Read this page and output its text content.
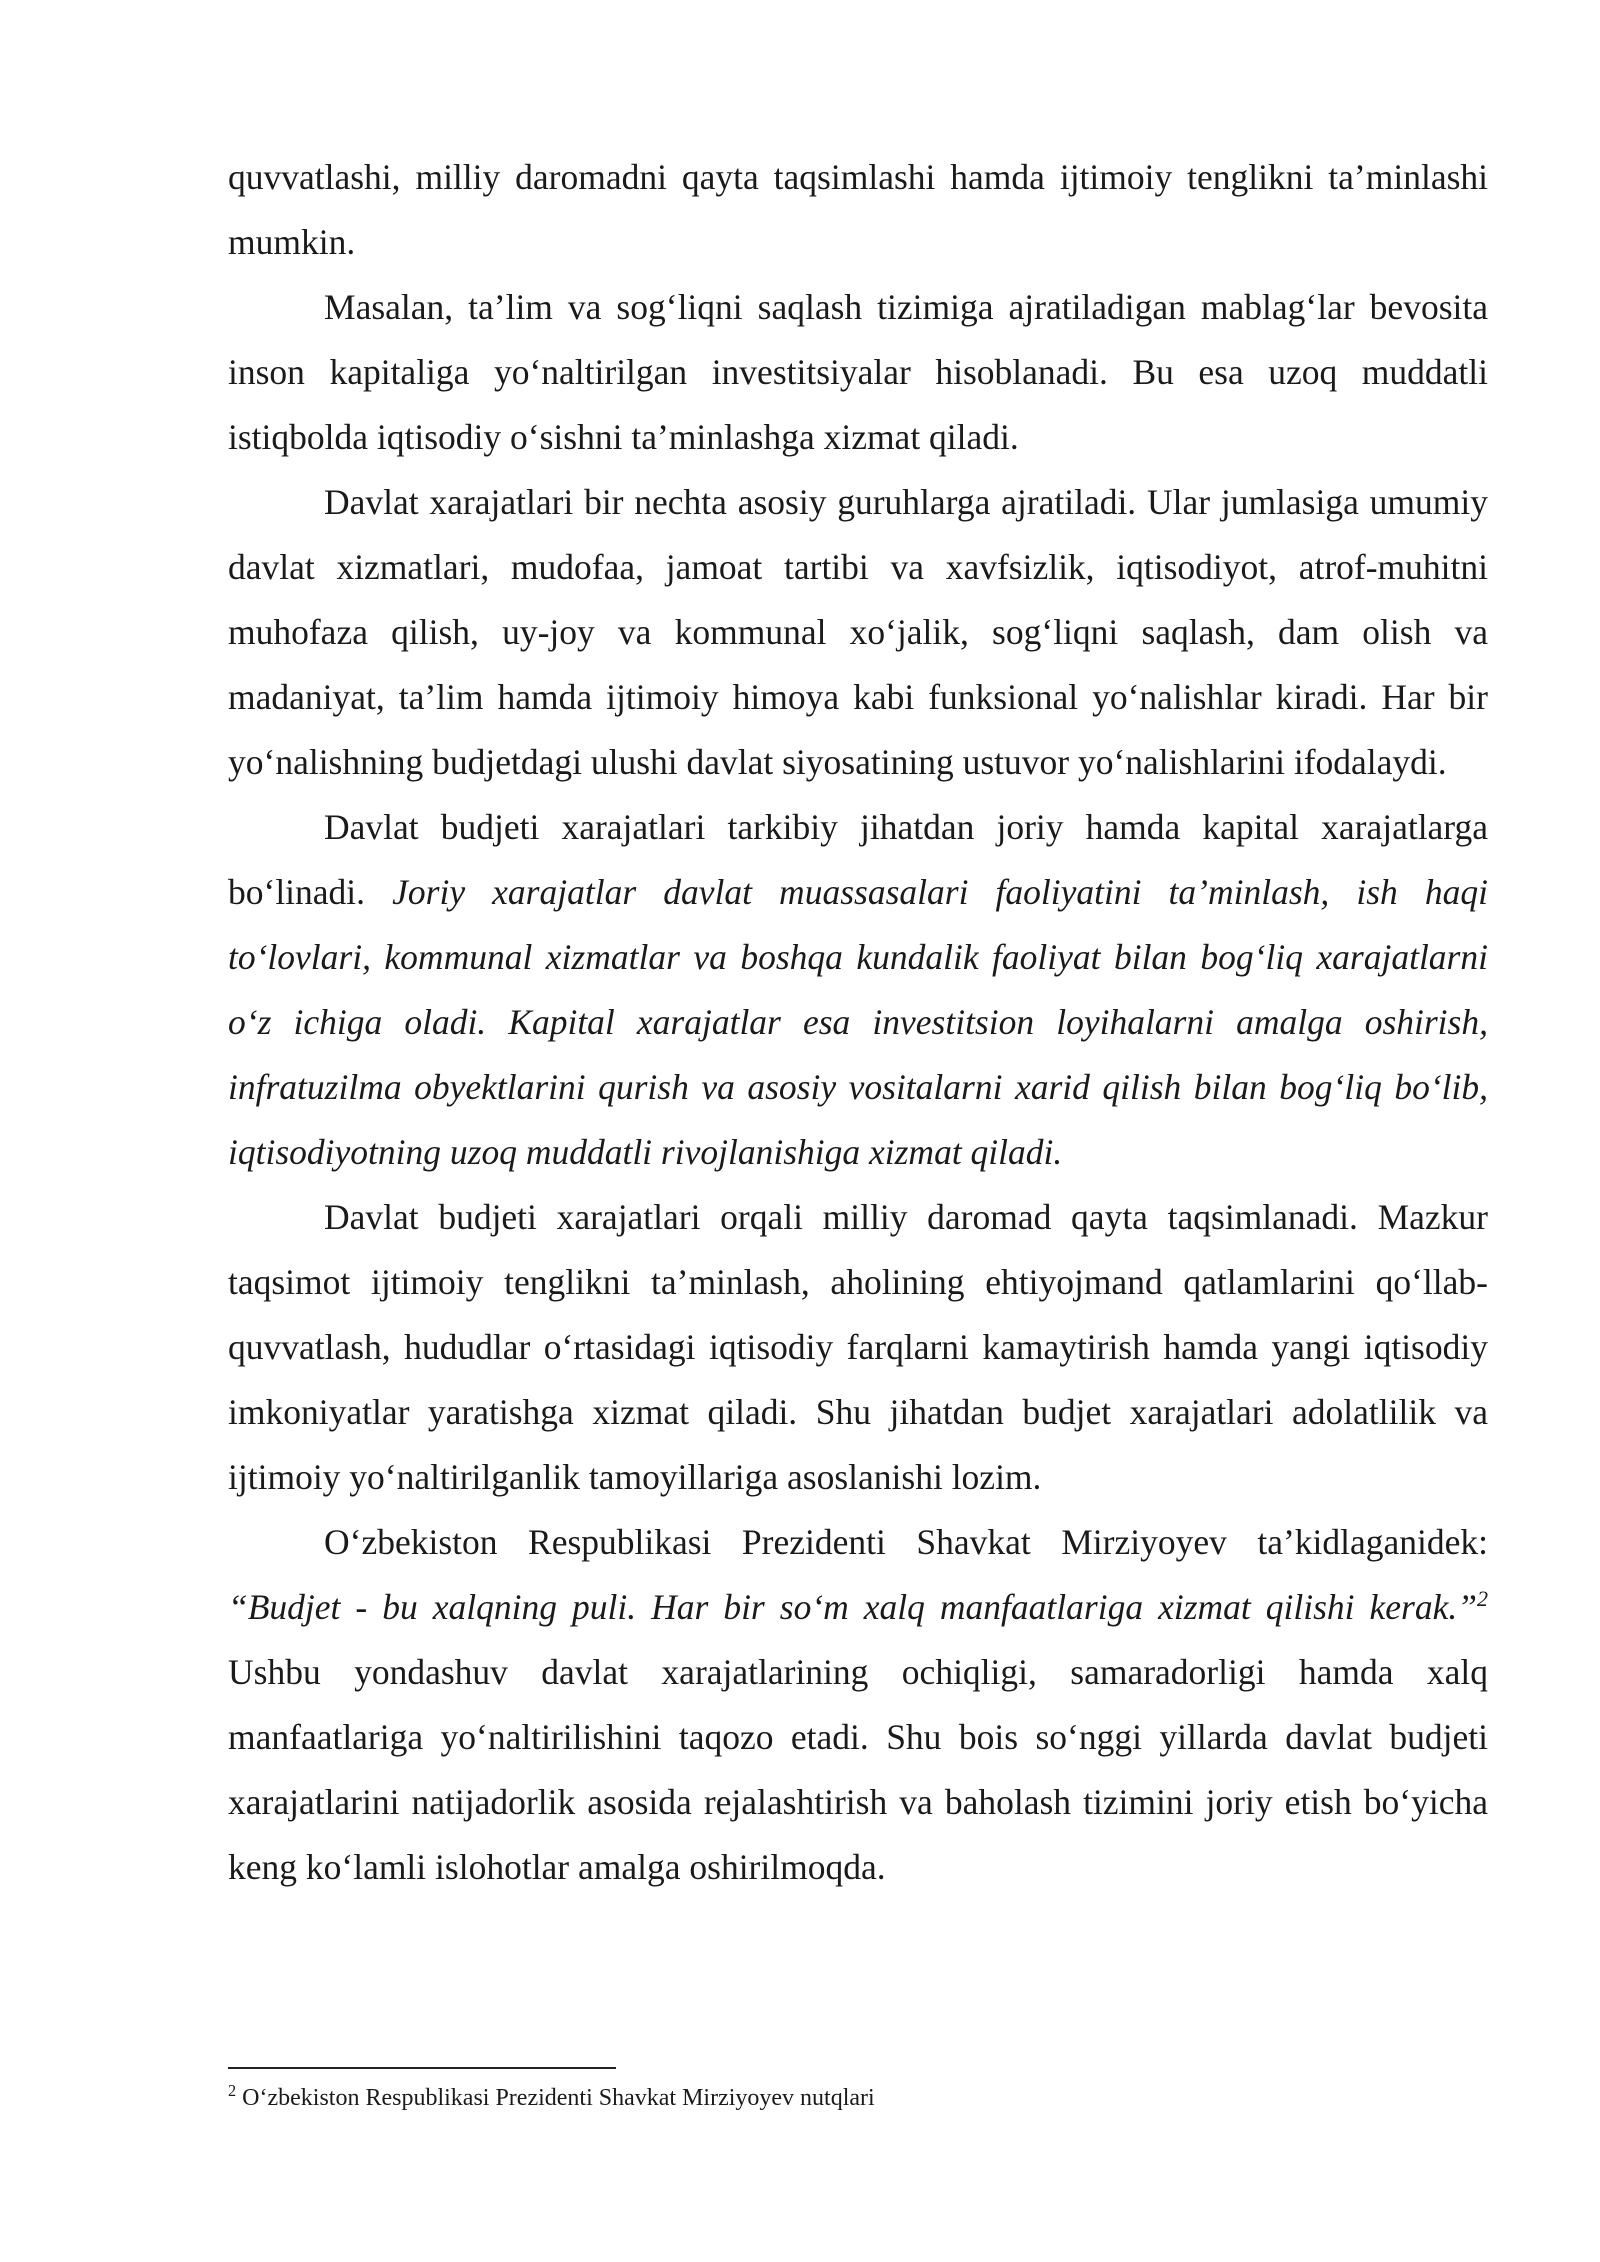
quvvatlashi, milliy daromadni qayta taqsimlashi hamda ijtimoiy tenglikni ta’minlashi mumkin.

Masalan, ta’lim va sog‘liqni saqlash tizimiga ajratiladigan mablag‘lar bevosita inson kapitaliga yo‘naltirilgan investitsiyalar hisoblanadi. Bu esa uzoq muddatli istiqbolda iqtisodiy o‘sishni ta’minlashga xizmat qiladi.

Davlat xarajatlari bir nechta asosiy guruhlarga ajratiladi. Ular jumlasiga umumiy davlat xizmatlari, mudofaa, jamoat tartibi va xavfsizlik, iqtisodiyot, atrof-muhitni muhofaza qilish, uy-joy va kommunal xo‘jalik, sog‘liqni saqlash, dam olish va madaniyat, ta’lim hamda ijtimoiy himoya kabi funksional yo‘nalishlar kiradi. Har bir yo‘nalishning budjetdagi ulushi davlat siyosatining ustuvor yo‘nalishlarini ifodalaydi.

Davlat budjeti xarajatlari tarkibiy jihatdan joriy hamda kapital xarajatlarga bo‘linadi. Joriy xarajatlar davlat muassasalari faoliyatini ta’minlash, ish haqi to‘lovlari, kommunal xizmatlar va boshqa kundalik faoliyat bilan bog‘liq xarajatlarni o‘z ichiga oladi. Kapital xarajatlar esa investitsion loyihalarni amalga oshirish, infratuzilma obyektlarini qurish va asosiy vositalarni xarid qilish bilan bog‘liq bo‘lib, iqtisodiyotning uzoq muddatli rivojlanishiga xizmat qiladi.

Davlat budjeti xarajatlari orqali milliy daromad qayta taqsimlanadi. Mazkur taqsimot ijtimoiy tenglikni ta’minlash, aholining ehtiyojmand qatlamlarini qo‘llab-quvvatlash, hududlar o‘rtasidagi iqtisodiy farqlarni kamaytirish hamda yangi iqtisodiy imkoniyatlar yaratishga xizmat qiladi. Shu jihatdan budjet xarajatlari adolatlilik va ijtimoiy yo‘naltirilganlik tamoyillariga asoslanishi lozim.

O‘zbekiston Respublikasi Prezidenti Shavkat Mirziyoyev ta’kidlaganidek: “Budjet - bu xalqning puli. Har bir so‘m xalq manfaatlariga xizmat qilishi kerak.”$^2$ Ushbu yondashuv davlat xarajatlarining ochiqligi, samaradorligi hamda xalq manfaatlariga yo‘naltirilishini taqozo etadi. Shu bois so‘nggi yillarda davlat budjeti xarajatlarini natijadorlik asosida rejalashtirish va baholash tizimini joriy etish bo‘yicha keng ko‘lamli islohotlar amalga oshirilmoqda.

$^2$ O‘zbekiston Respublikasi Prezidenti Shavkat Mirziyoyev nutqlari
